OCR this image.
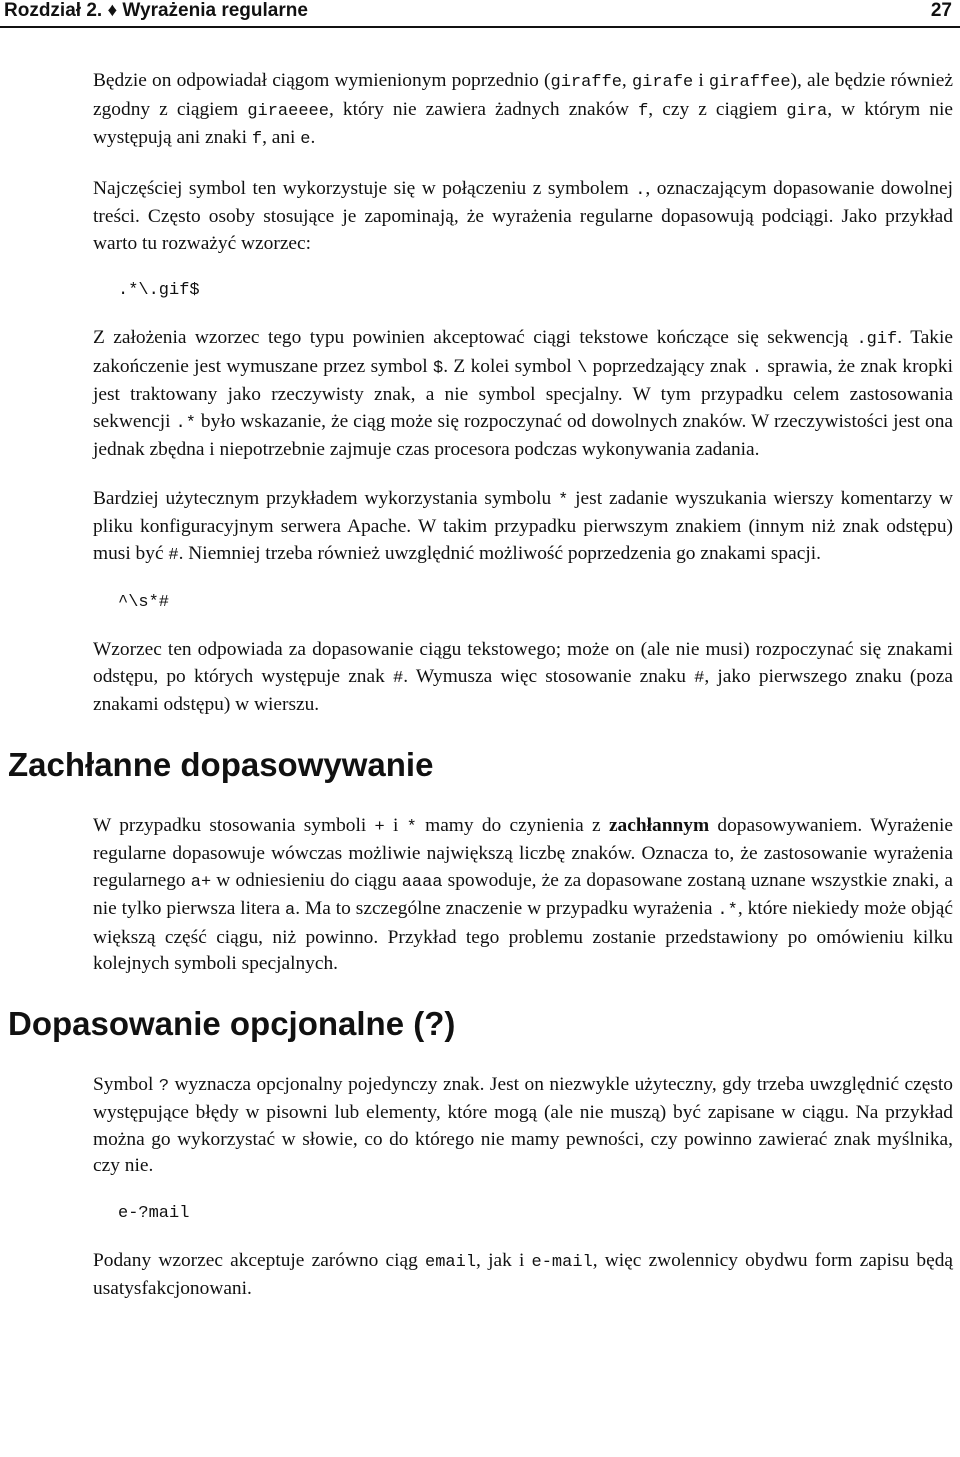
Rozdział 2. ♦ Wyrażenia regularne	27

Będzie on odpowiadał ciągom wymienionym poprzednio (giraffe, girafe i giraffee), ale będzie również zgodny z ciągiem giraeeee, który nie zawiera żadnych znaków f, czy z ciągiem gira, w którym nie występują ani znaki f, ani e.

Najczęściej symbol ten wykorzystuje się w połączeniu z symbolem ., oznaczającym dopasowanie dowolnej treści. Często osoby stosujące je zapominają, że wyrażenia regularne dopasowują podciągi. Jako przykład warto tu rozważyć wzorzec:

.*\.gif$

Z założenia wzorzec tego typu powinien akceptować ciągi tekstowe kończące się sekwencją .gif. Takie zakończenie jest wymuszane przez symbol $. Z kolei symbol \ poprzedzający znak . sprawia, że znak kropki jest traktowany jako rzeczywisty znak, a nie symbol specjalny. W tym przypadku celem zastosowania sekwencji .* było wskazanie, że ciąg może się rozpoczynać od dowolnych znaków. W rzeczywistości jest ona jednak zbędna i niepotrzebnie zajmuje czas procesora podczas wykonywania zadania.

Bardziej użytecznym przykładem wykorzystania symbolu * jest zadanie wyszukania wierszy komentarzy w pliku konfiguracyjnym serwera Apache. W takim przypadku pierwszym znakiem (innym niż znak odstępu) musi być #. Niemniej trzeba również uwzględnić możliwość poprzedzenia go znakami spacji.

^\s*#

Wzorzec ten odpowiada za dopasowanie ciągu tekstowego; może on (ale nie musi) rozpoczynać się znakami odstępu, po których występuje znak #. Wymusza więc stosowanie znaku #, jako pierwszego znaku (poza znakami odstępu) w wierszu.

Zachłanne dopasowywanie

W przypadku stosowania symboli + i * mamy do czynienia z zachłannym dopasowywaniem. Wyrażenie regularne dopasowuje wówczas możliwie największą liczbę znaków. Oznacza to, że zastosowanie wyrażenia regularnego a+ w odniesieniu do ciągu aaaa spowoduje, że za dopasowane zostaną uznane wszystkie znaki, a nie tylko pierwsza litera a. Ma to szczególne znaczenie w przypadku wyrażenia .*, które niekiedy może objąć większą część ciągu, niż powinno. Przykład tego problemu zostanie przedstawiony po omówieniu kilku kolejnych symboli specjalnych.

Dopasowanie opcjonalne (?)

Symbol ? wyznacza opcjonalny pojedynczy znak. Jest on niezwykle użyteczny, gdy trzeba uwzględnić często występujące błędy w pisowni lub elementy, które mogą (ale nie muszą) być zapisane w ciągu. Na przykład można go wykorzystać w słowie, co do którego nie mamy pewności, czy powinno zawierać znak myślnika, czy nie.

e-?mail

Podany wzorzec akceptuje zarówno ciąg email, jak i e-mail, więc zwolennicy obydwu form zapisu będą usatysfakcjonowani.
